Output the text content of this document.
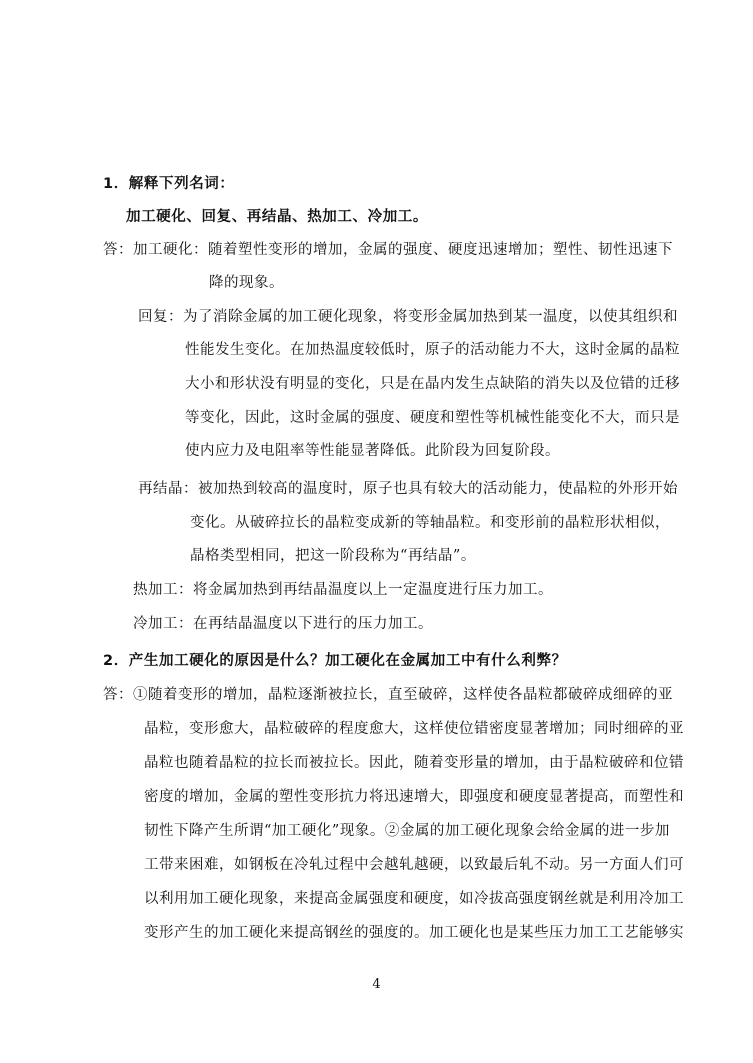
1．解释下列名词：

加工硬化、回复、再结晶、热加工、冷加工。

答：加工硬化：随着塑性变形的增加，金属的强度、硬度迅速增加；塑性、韧性迅速下

降的现象。

回复：为了消除金属的加工硬化现象，将变形金属加热到某一温度，以使其组织和

性能发生变化。在加热温度较低时，原子的活动能力不大，这时金属的晶粒

大小和形状没有明显的变化，只是在晶内发生点缺陷的消失以及位错的迁移

等变化，因此，这时金属的强度、硬度和塑性等机械性能变化不大，而只是

使内应力及电阻率等性能显著降低。此阶段为回复阶段。

再结晶：被加热到较高的温度时，原子也具有较大的活动能力，使晶粒的外形开始

变化。从破碎拉长的晶粒变成新的等轴晶粒。和变形前的晶粒形状相似，

晶格类型相同，把这一阶段称为“再结晶”。

热加工：将金属加热到再结晶温度以上一定温度进行压力加工。

冷加工：在再结晶温度以下进行的压力加工。

2．产生加工硬化的原因是什么？加工硬化在金属加工中有什么利弊？

答：①随着变形的增加，晶粒逐渐被拉长，直至破碎，这样使各晶粒都破碎成细碎的亚

晶粒，变形愈大，晶粒破碎的程度愈大，这样使位错密度显著增加；同时细碎的亚

晶粒也随着晶粒的拉长而被拉长。因此，随着变形量的增加，由于晶粒破碎和位错

密度的增加，金属的塑性变形抗力将迅速增大，即强度和硬度显著提高，而塑性和

韧性下降产生所谓“加工硬化”现象。②金属的加工硬化现象会给金属的进一步加

工带来困难，如钢板在冷轧过程中会越轧越硬，以致最后轧不动。另一方面人们可

以利用加工硬化现象，来提高金属强度和硬度，如冷拔高强度钢丝就是利用冷加工

变形产生的加工硬化来提高钢丝的强度的。加工硬化也是某些压力加工工艺能够实

4
